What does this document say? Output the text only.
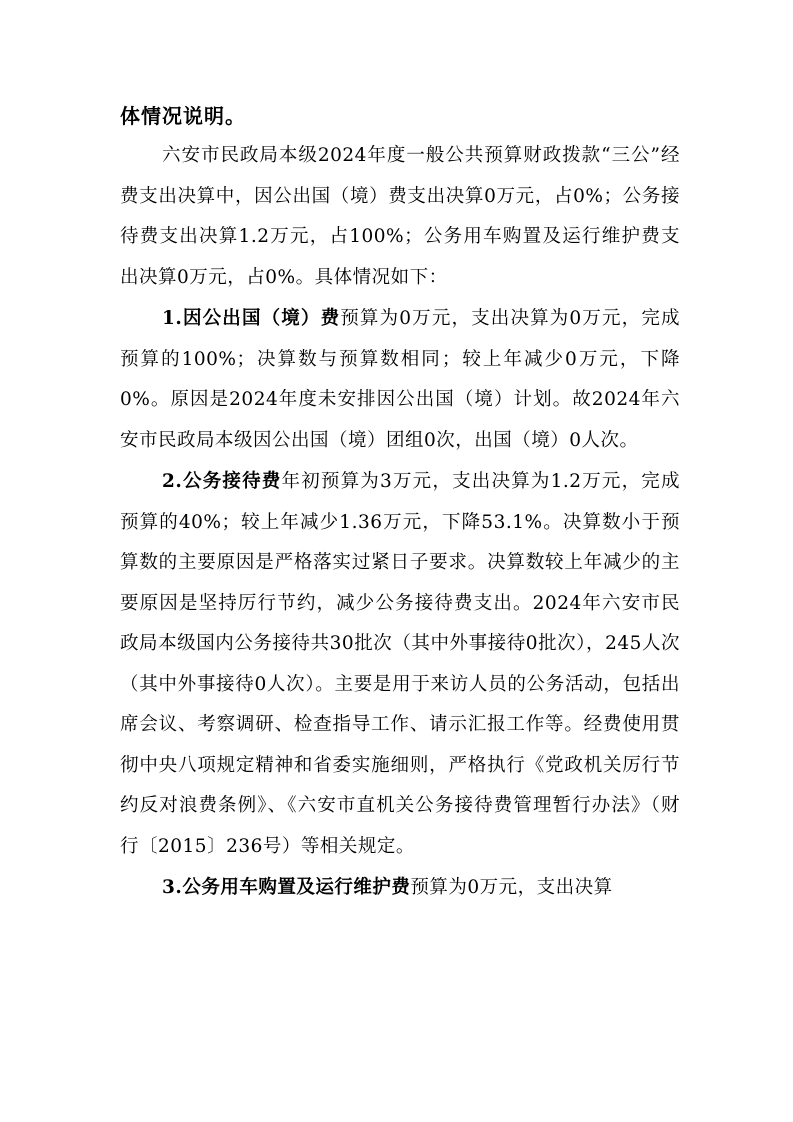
体情况说明。

六安市民政局本级2024年度一般公共预算财政拨款“三公”经费支出决算中，因公出国（境）费支出决算0万元，占0%；公务接待费支出决算1.2万元，占100%；公务用车购置及运行维护费支出决算0万元，占0%。具体情况如下：

1.因公出国（境）费预算为0万元，支出决算为0万元，完成预算的100%；决算数与预算数相同；较上年减少0万元，下降0%。原因是2024年度未安排因公出国（境）计划。故2024年六安市民政局本级因公出国（境）团组0次，出国（境）0人次。

2.公务接待费年初预算为3万元，支出决算为1.2万元，完成预算的40%；较上年减少1.36万元，下降53.1%。决算数小于预算数的主要原因是严格落实过紧日子要求。决算数较上年减少的主要原因是坚持厉行节约，减少公务接待费支出。2024年六安市民政局本级国内公务接待共30批次（其中外事接待0批次），245人次（其中外事接待0人次）。主要是用于来访人员的公务活动，包括出席会议、考察调研、检查指导工作、请示汇报工作等。经费使用贯彻中央八项规定精神和省委实施细则，严格执行《党政机关厉行节约反对浪费条例》、《六安市直机关公务接待费管理暂行办法》（财行〔2015〕236号）等相关规定。

3.公务用车购置及运行维护费预算为0万元，支出决算
